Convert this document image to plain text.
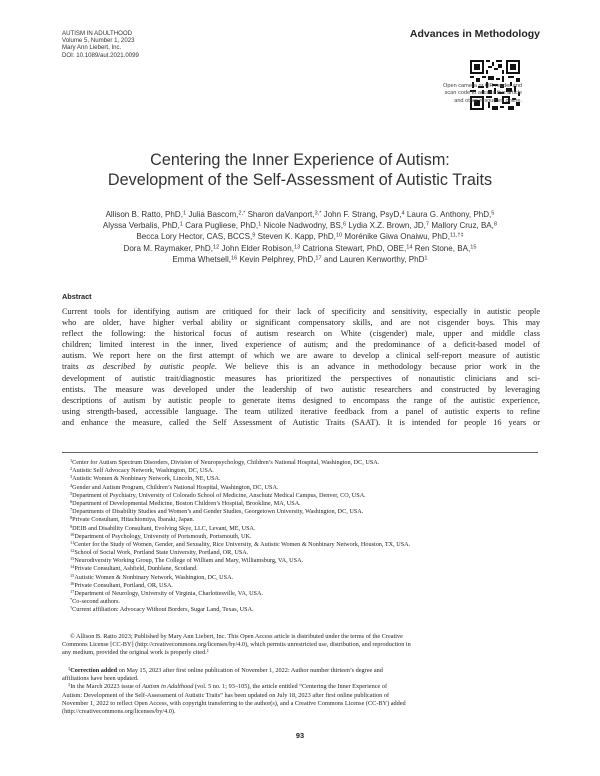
AUTISM IN ADULTHOOD
Volume 5, Number 1, 2023
Mary Ann Liebert, Inc.
DOI: 10.1089/aut.2021.0099
Advances in Methodology
Open camera or QR reader and
scan code to access this article
and other resources online.
Centering the Inner Experience of Autism:
Development of the Self-Assessment of Autistic Traits
Allison B. Ratto, PhD,$^1$ Julia Bascom,$^{2,*}$ Sharon daVanport,$^{3,*}$ John F. Strang, PsyD,$^4$ Laura G. Anthony, PhD,$^5$
Alyssa Verbalis, PhD,$^1$ Cara Pugliese, PhD,$^1$ Nicole Nadwodny, BS,$^6$ Lydia X.Z. Brown, JD,$^7$ Mallory Cruz, BA,$^8$
Becca Lory Hector, CAS, BCCS,$^9$ Steven K. Kapp, PhD,$^{10}$ Morénike Giwa Onaiwu, PhD,$^{11,\dagger\ddagger}$
Dora M. Raymaker, PhD,$^{12}$ John Elder Robison,$^{13}$ Catriona Stewart, PhD, OBE,$^{14}$ Ren Stone, BA,$^{15}$
Emma Whetsell,$^{16}$ Kevin Pelphrey, PhD,$^{17}$ and Lauren Kenworthy, PhD$^1$
Abstract
Current tools for identifying autism are critiqued for their lack of specificity and sensitivity, especially in autistic people
who are older, have higher verbal ability or significant compensatory skills, and are not cisgender boys. This may
reflect the following: the historical focus of autism research on White (cisgender) male, upper and middle class
children; limited interest in the inner, lived experience of autism; and the predominance of a deficit-based model of
autism. We report here on the first attempt of which we are aware to develop a clinical self-report measure of autistic
traits as described by autistic people. We believe this is an advance in methodology because prior work in the
development of autistic trait/diagnostic measures has prioritized the perspectives of nonautistic clinicians and sci-
entists. The measure was developed under the leadership of two autistic researchers and constructed by leveraging
descriptions of autism by autistic people to generate items designed to encompass the range of the autistic experience,
using strength-based, accessible language. The team utilized iterative feedback from a panel of autistic experts to refine
and enhance the measure, called the Self Assessment of Autistic Traits (SAAT). It is intended for people 16 years or
$^1$Center for Autism Spectrum Disorders, Division of Neuropsychology, Children’s National Hospital, Washington, DC, USA.
$^2$Autistic Self Advocacy Network, Washington, DC, USA.
$^3$Autistic Women & Nonbinary Network, Lincoln, NE, USA.
$^4$Gender and Autism Program, Children’s National Hospital, Washington, DC, USA.
$^5$Department of Psychiatry, University of Colorado School of Medicine, Anschutz Medical Campus, Denver, CO, USA.
$^6$Department of Developmental Medicine, Boston Children’s Hospital, Brookline, MA, USA.
$^7$Departments of Disability Studies and Women’s and Gender Studies, Georgetown University, Washington, DC, USA.
$^8$Private Consultant, Hitachiomiya, Ibaraki, Japan.
$^9$DEIB and Disability Consultant, Evolving Skye, LLC, Levant, ME, USA.
$^{10}$Department of Psychology, University of Portsmouth, Portsmouth, UK.
$^{11}$Center for the Study of Women, Gender, and Sexuality, Rice University, & Autistic Women & Nonbinary Network, Houston, TX, USA.
$^{12}$School of Social Work, Portland State University, Portland, OR, USA.
$^{13}$Neurodiversity Working Group, The College of William and Mary, Williamsburg, VA, USA.
$^{14}$Private Consultant, Ashfield, Dunblane, Scotland.
$^{15}$Autistic Women & Nonbinary Network, Washington, DC, USA.
$^{16}$Private Consultant, Portland, OR, USA.
$^{17}$Department of Neurology, University of Virginia, Charlottesville, VA, USA.
*Co-second authors.
†Current affiliation: Advocacy Without Borders, Sugar Land, Texas, USA.
© Allison B. Ratto 2023; Published by Mary Ann Liebert, Inc. This Open Access article is distributed under the terms of the Creative
Commons License [CC-BY] (http://creativecommons.org/licenses/by/4.0), which permits unrestricted use, distribution, and reproduction in
any medium, provided the original work is properly cited.‡
‡Correction added on May 15, 2023 after first online publication of November 1, 2022: Author number thirteen’s degree and
affiliations have been updated.
‡In the March 20223 issue of Autism in Adulthood (vol. 5 no. 1; 93–105), the article entitled “Centering the Inner Experience of
Autism: Development of the Self-Assessment of Autistic Traits” has been updated on July 18, 2023 after first online publication of
November 1, 2022 to reflect Open Access, with copyright transferring to the author(s), and a Creative Commons License (CC-BY) added
(http://creativecommons.org/licenses/by/4.0).
93
